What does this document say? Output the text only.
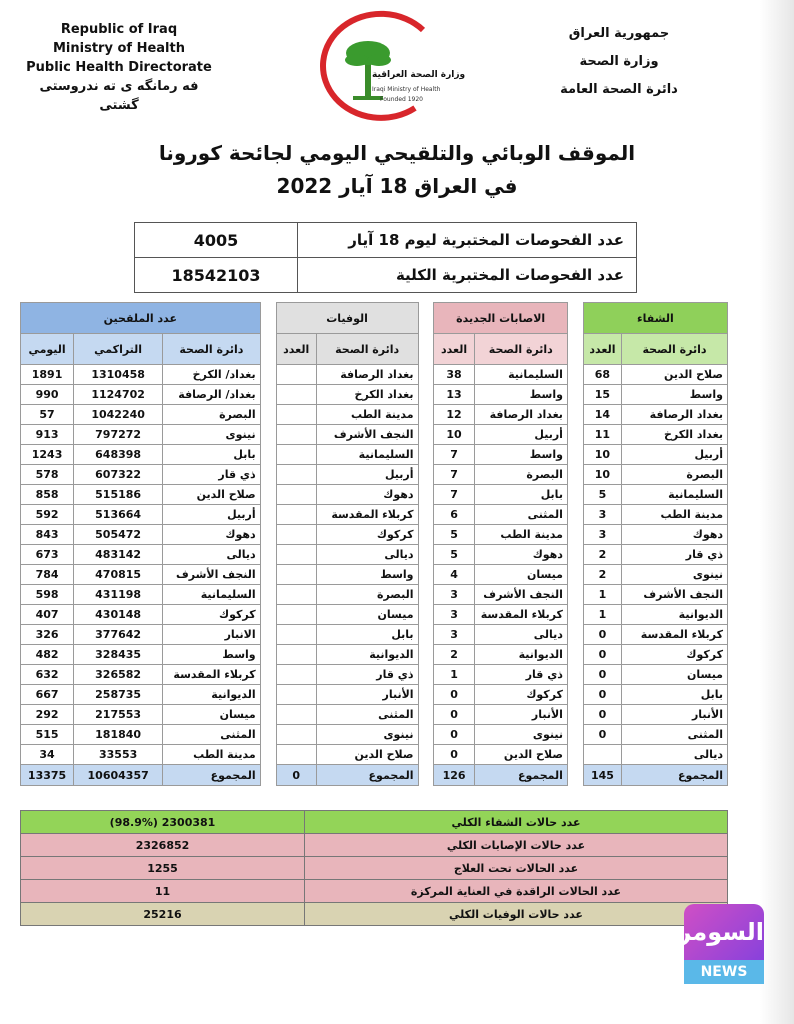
Republic of Iraq
Ministry of Health
Public Health Directorate
فه رمانگه ى ته ندروستى گشتى
وزارة الصحة العراقية
Iraqi Ministry of Health
Founded 1920
جمهورية العراق
وزارة الصحة
دائرة الصحة العامة
الموقف الوبائي والتلقيحي اليومي لجائحة كورونا
في العراق 18 آيار 2022
عدد الفحوصات المختبرية ليوم 18 آيار	4005
عدد الفحوصات المختبرية الكلية	18542103
الشفاء			الاصابات الجديدة			الوفيات			عدد الملقحين		
دائرة الصحة	العدد		دائرة الصحة	العدد		دائرة الصحة	العدد		دائرة الصحة	التراكمي	اليومي
صلاح الدين	68		السليمانية	38		بغداد الرصافة			بغداد/ الكرخ	1310458	1891
واسط	15		واسط	13		بغداد الكرخ			بغداد/ الرصافة	1124702	990
بغداد الرصافة	14		بغداد الرصافة	12		مدينة الطب			البصرة	1042240	57
بغداد الكرخ	11		أربيل	10		النجف الأشرف			نينوى	797272	913
أربيل	10		واسط	7		السليمانية			بابل	648398	1243
البصرة	10		البصرة	7		أربيل			ذي قار	607322	578
السليمانية	5		بابل	7		دهوك			صلاح الدين	515186	858
مدينة الطب	3		المثنى	6		كربلاء المقدسة			أربيل	513664	592
دهوك	3		مدينة الطب	5		كركوك			دهوك	505472	843
ذي قار	2		دهوك	5		ديالى			ديالى	483142	673
نينوى	2		ميسان	4		واسط			النجف الأشرف	470815	784
النجف الأشرف	1		النجف الأشرف	3		البصرة			السليمانية	431198	598
الديوانية	1		كربلاء المقدسة	3		ميسان			كركوك	430148	407
كربلاء المقدسة	0		ديالى	3		بابل			الانبار	377642	326
كركوك	0		الديوانية	2		الديوانية			واسط	328435	482
ميسان	0		ذي قار	1		ذي قار			كربلاء المقدسة	326582	632
بابل	0		كركوك	0		الأنبار			الديوانية	258735	667
الأنبار	0		الأنبار	0		المثنى			ميسان	217553	292
المثنى	0		نينوى	0		نينوى			المثنى	181840	515
ديالى			صلاح الدين	0		صلاح الدين			مدينة الطب	33553	34
المجموع	145		المجموع	126		المجموع	0		المجموع	10604357	13375
عدد حالات الشفاء الكلي	2300381 (98.9%)
عدد حالات الإصابات الكلي	2326852
عدد الحالات تحت العلاج	1255
عدد الحالات الراقدة في العناية المركزة	11
عدد حالات الوفيات الكلي	25216
السومرية
NEWS
